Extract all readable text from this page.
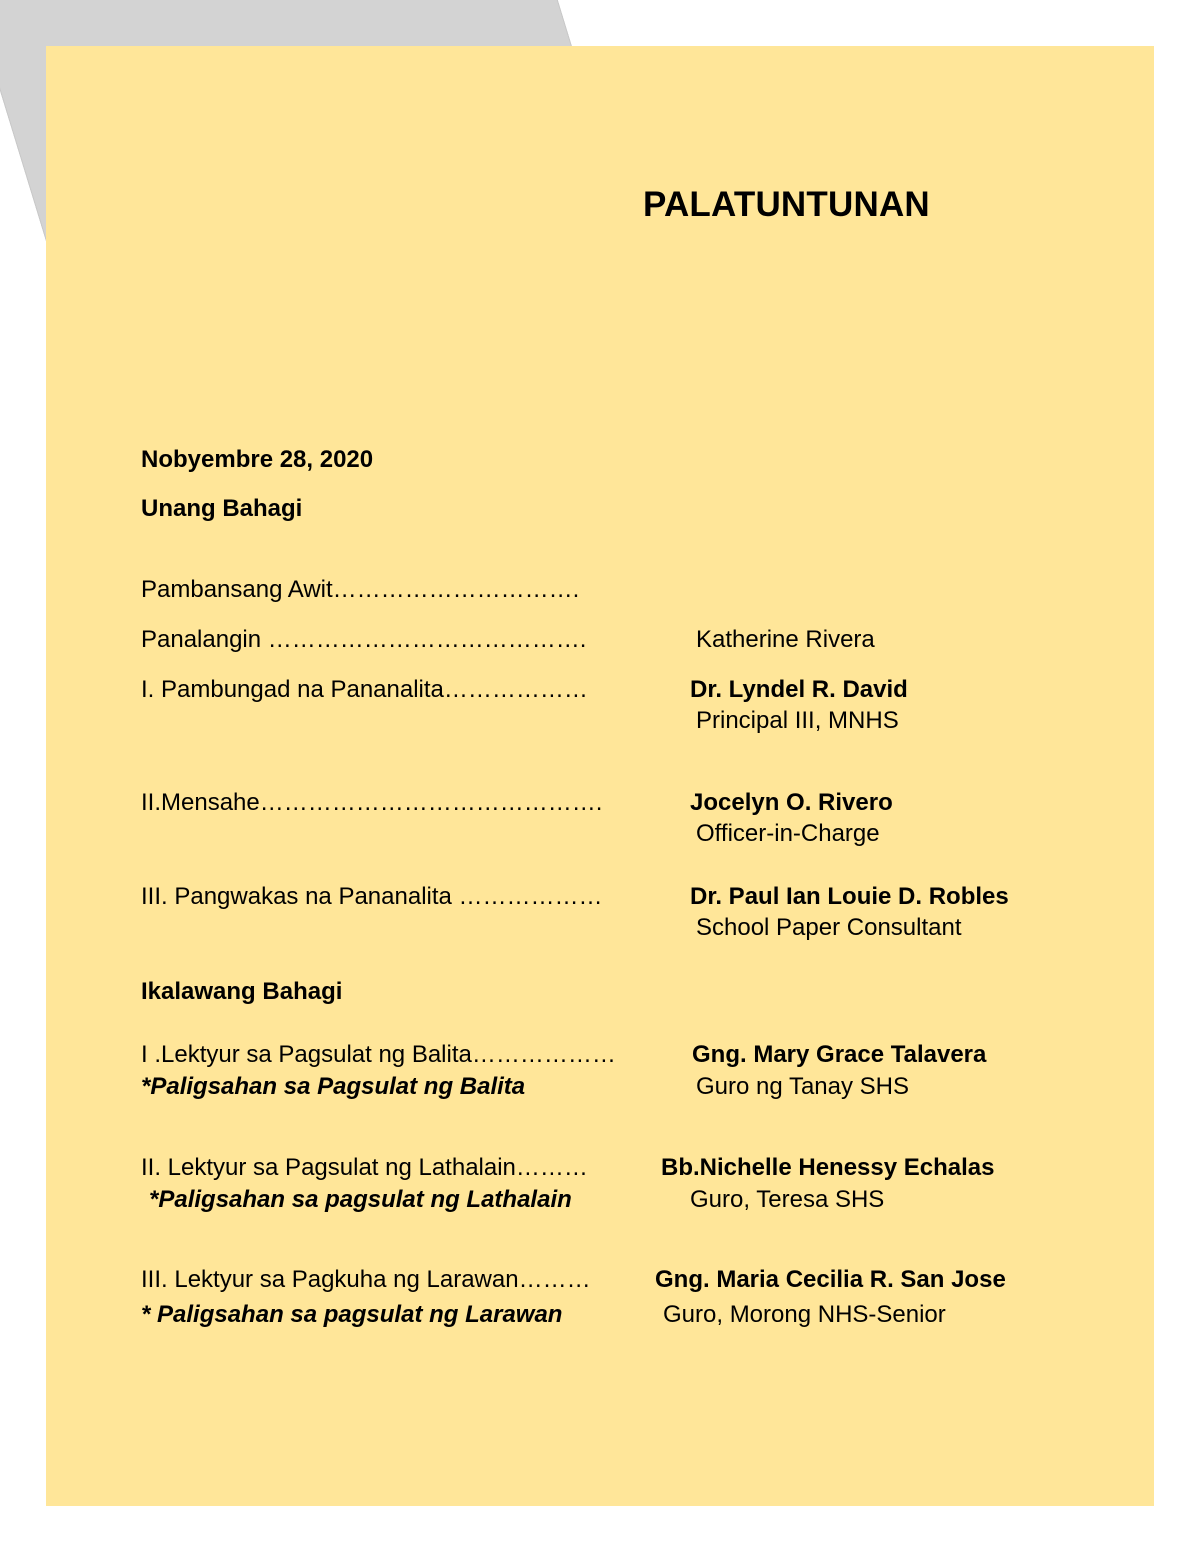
PALATUNTUNAN
Nobyembre 28, 2020
Unang Bahagi
Pambansang Awit………………………….
Panalangin ………………………………….	Katherine Rivera
I. Pambungad na Pananalita………………	Dr. Lyndel R. David
Principal III, MNHS
II.Mensahe…………………………………….	Jocelyn O. Rivero
Officer-in-Charge
III. Pangwakas na Pananalita ………………	Dr. Paul Ian Louie D. Robles
School Paper Consultant
Ikalawang Bahagi
I .Lektyur sa Pagsulat ng Balita………………	Gng. Mary Grace Talavera
*Paligsahan sa Pagsulat ng Balita	Guro ng Tanay SHS
II. Lektyur sa Pagsulat ng Lathalain………	Bb.Nichelle Henessy Echalas
*Paligsahan sa pagsulat ng Lathalain	Guro, Teresa SHS
III. Lektyur sa Pagkuha ng Larawan………	Gng. Maria Cecilia R. San Jose
* Paligsahan sa pagsulat ng Larawan	Guro, Morong NHS-Senior
